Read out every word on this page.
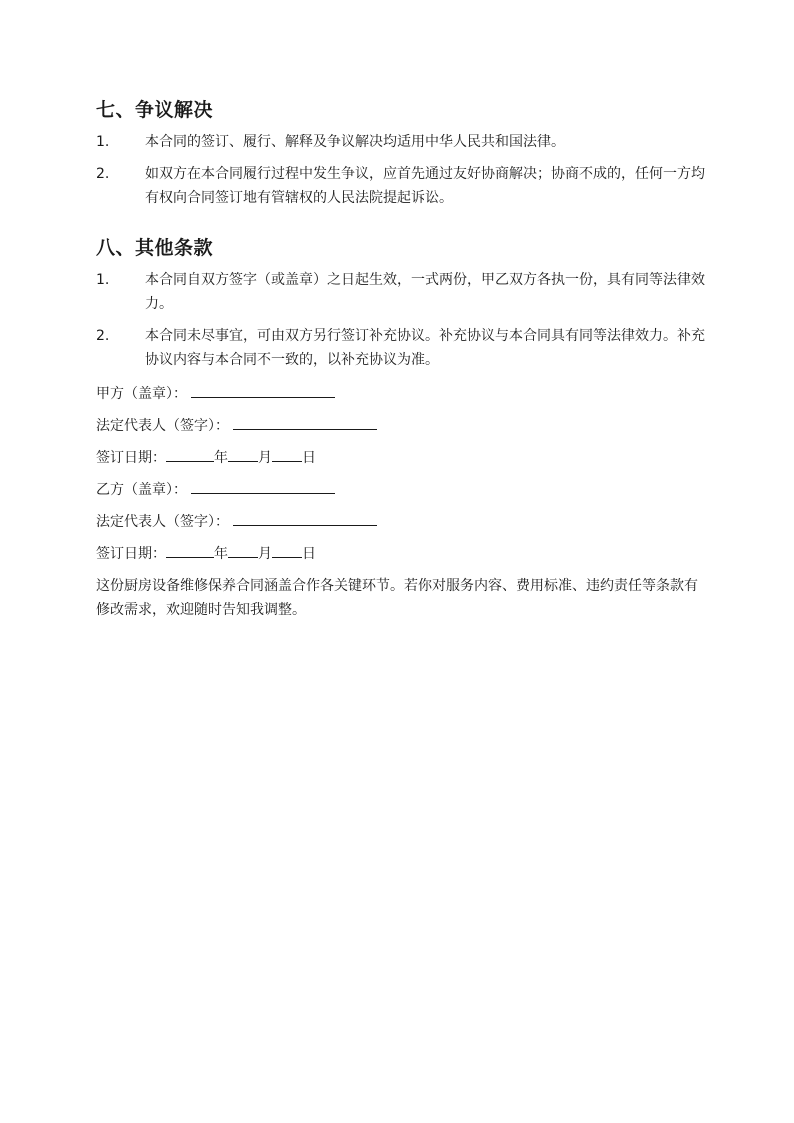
七、争议解决
1.	本合同的签订、履行、解释及争议解决均适用中华人民共和国法律。
2.	如双方在本合同履行过程中发生争议，应首先通过友好协商解决；协商不成的，任何一方均有权向合同签订地有管辖权的人民法院提起诉讼。
八、其他条款
1.	本合同自双方签字（或盖章）之日起生效，一式两份，甲乙双方各执一份，具有同等法律效力。
2.	本合同未尽事宜，可由双方另行签订补充协议。补充协议与本合同具有同等法律效力。补充协议内容与本合同不一致的，以补充协议为准。
甲方（盖章）：
法定代表人（签字）：
签订日期：	年 月 日
乙方（盖章）：
法定代表人（签字）：
签订日期：	年 月 日
这份厨房设备维修保养合同涵盖合作各关键环节。若你对服务内容、费用标准、违约责任等条款有修改需求，欢迎随时告知我调整。
